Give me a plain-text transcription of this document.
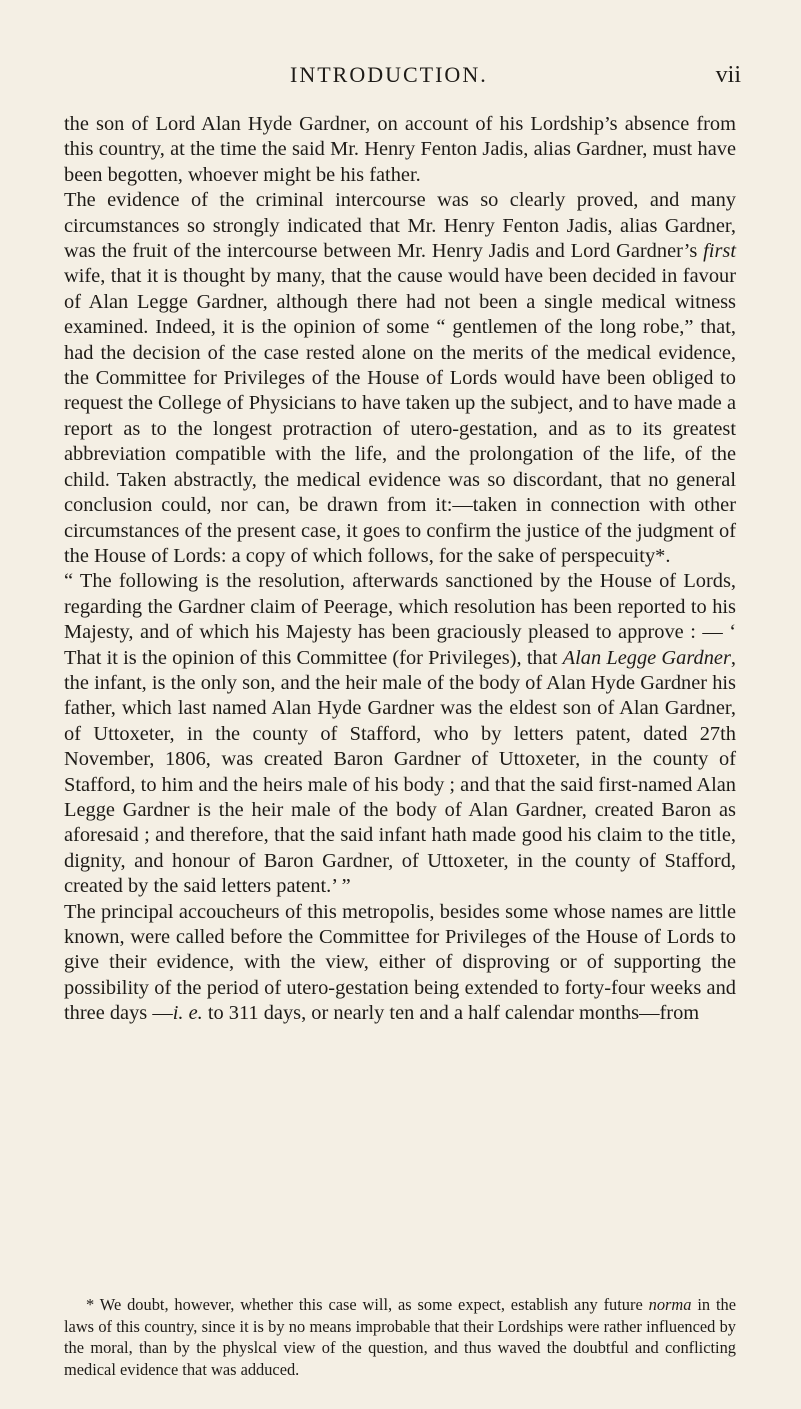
INTRODUCTION.	vii

the son of Lord Alan Hyde Gardner, on account of his Lordship’s absence from this country, at the time the said Mr. Henry Fenton Jadis, alias Gardner, must have been begotten, whoever might be his father.

The evidence of the criminal intercourse was so clearly proved, and many circumstances so strongly indicated that Mr. Henry Fenton Jadis, alias Gardner, was the fruit of the intercourse between Mr. Henry Jadis and Lord Gardner’s first wife, that it is thought by many, that the cause would have been decided in favour of Alan Legge Gardner, although there had not been a single medical witness examined. Indeed, it is the opinion of some “ gentlemen of the long robe,” that, had the decision of the case rested alone on the merits of the medical evidence, the Committee for Privileges of the House of Lords would have been obliged to request the College of Physicians to have taken up the subject, and to have made a report as to the longest protraction of utero-gestation, and as to its greatest abbreviation compatible with the life, and the prolongation of the life, of the child. Taken abstractly, the medical evidence was so discordant, that no general conclusion could, nor can, be drawn from it:—taken in connection with other circumstances of the present case, it goes to confirm the justice of the judgment of the House of Lords: a copy of which follows, for the sake of perspecuity*.

“ The following is the resolution, afterwards sanctioned by the House of Lords, regarding the Gardner claim of Peerage, which resolution has been reported to his Majesty, and of which his Majesty has been graciously pleased to approve : — ‘ That it is the opinion of this Committee (for Privileges), that Alan Legge Gardner, the infant, is the only son, and the heir male of the body of Alan Hyde Gardner his father, which last named Alan Hyde Gardner was the eldest son of Alan Gardner, of Uttoxeter, in the county of Stafford, who by letters patent, dated 27th November, 1806, was created Baron Gardner of Uttoxeter, in the county of Stafford, to him and the heirs male of his body ; and that the said first-named Alan Legge Gardner is the heir male of the body of Alan Gardner, created Baron as aforesaid ; and therefore, that the said infant hath made good his claim to the title, dignity, and honour of Baron Gardner, of Uttoxeter, in the county of Stafford, created by the said letters patent.’ ”

The principal accoucheurs of this metropolis, besides some whose names are little known, were called before the Committee for Privileges of the House of Lords to give their evidence, with the view, either of disproving or of supporting the possibility of the period of utero-gestation being extended to forty-four weeks and three days —i. e. to 311 days, or nearly ten and a half calendar months—from

* We doubt, however, whether this case will, as some expect, establish any future norma in the laws of this country, since it is by no means improbable that their Lordships were rather influenced by the moral, than by the physlcal view of the question, and thus waved the doubtful and conflicting medical evidence that was adduced.
